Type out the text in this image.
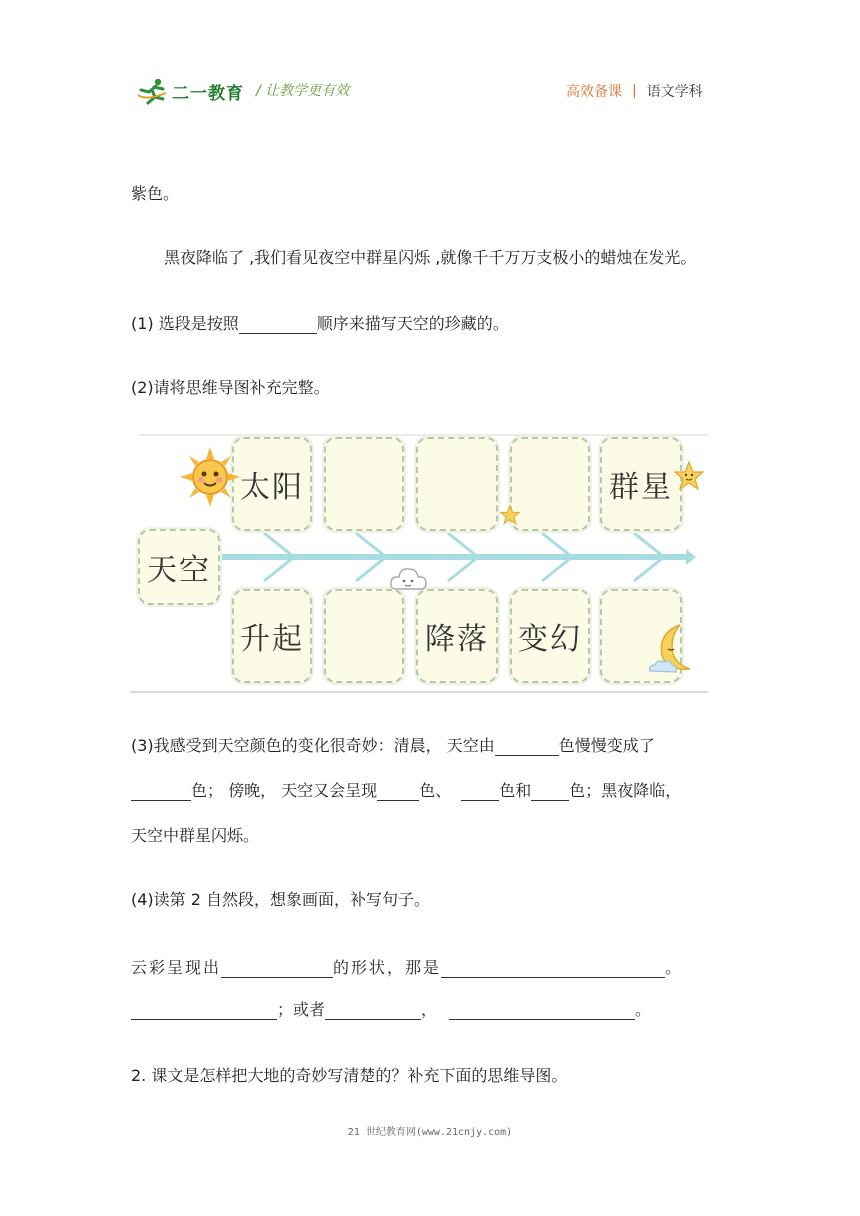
二一教育 / 让教学更有效	高效备课 | 语文学科
紫色。
黑夜降临了 ,我们看见夜空中群星闪烁 ,就像千千万万支极小的蜡烛在发光。
(1) 选段是按照	顺序来描写天空的珍藏的。
(2)请将思维导图补充完整。
天空
太阳	群星
升起	降落 变幻
(3)我感受到天空颜色的变化很奇妙：清晨， 天空由	色慢慢变成了
色； 傍晚， 天空又会呈现	色、	色和 色；黑夜降临，
天空中群星闪烁。
(4)读第 2 自然段，想象画面，补写句子。
云彩呈现出	的形状，那是	。
；或者	，	。
2. 课文是怎样把大地的奇妙写清楚的？补充下面的思维导图。
21 世纪教育网(www.21cnjy.com)
